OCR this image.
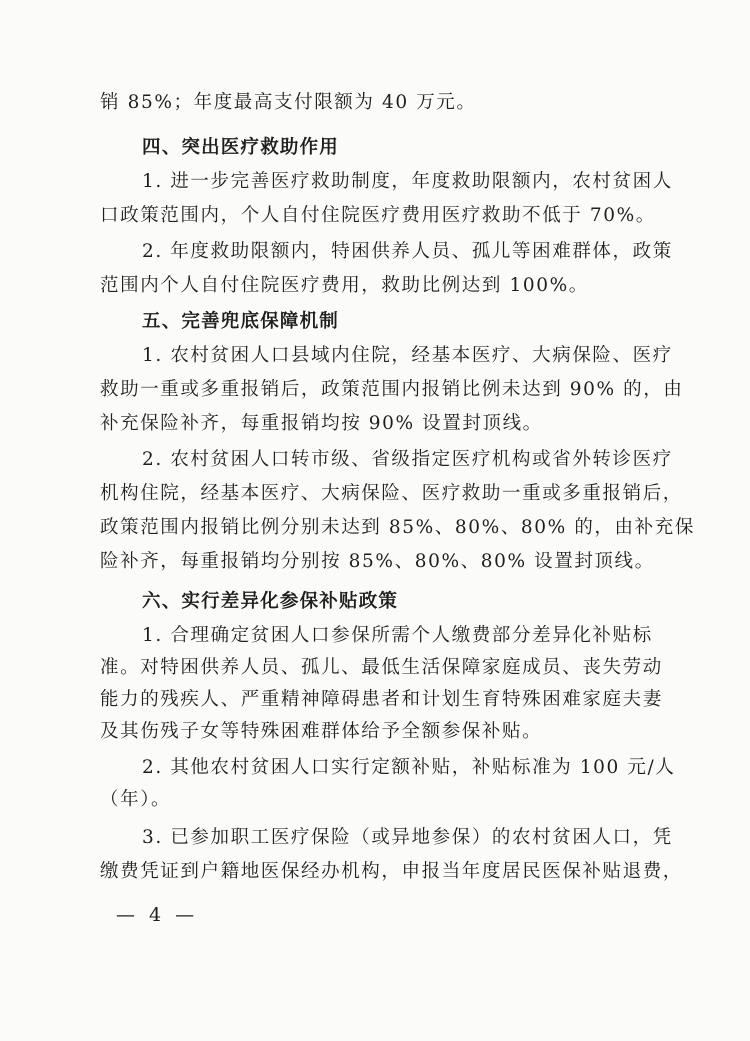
销 85%；年度最高支付限额为 40 万元。
四、突出医疗救助作用
1. 进一步完善医疗救助制度，年度救助限额内，农村贫困人
口政策范围内，个人自付住院医疗费用医疗救助不低于 70%。
2. 年度救助限额内，特困供养人员、孤儿等困难群体，政策
范围内个人自付住院医疗费用，救助比例达到 100%。
五、完善兜底保障机制
1. 农村贫困人口县域内住院，经基本医疗、大病保险、医疗
救助一重或多重报销后，政策范围内报销比例未达到 90% 的，由
补充保险补齐，每重报销均按 90% 设置封顶线。
2. 农村贫困人口转市级、省级指定医疗机构或省外转诊医疗
机构住院，经基本医疗、大病保险、医疗救助一重或多重报销后，
政策范围内报销比例分别未达到 85%、80%、80% 的，由补充保
险补齐，每重报销均分别按 85%、80%、80% 设置封顶线。
六、实行差异化参保补贴政策
1. 合理确定贫困人口参保所需个人缴费部分差异化补贴标
准。对特困供养人员、孤儿、最低生活保障家庭成员、丧失劳动
能力的残疾人、严重精神障碍患者和计划生育特殊困难家庭夫妻
及其伤残子女等特殊困难群体给予全额参保补贴。
2. 其他农村贫困人口实行定额补贴，补贴标准为 100 元/人
（年）。
3. 已参加职工医疗保险（或异地参保）的农村贫困人口，凭
缴费凭证到户籍地医保经办机构，申报当年度居民医保补贴退费，
— 4 —
